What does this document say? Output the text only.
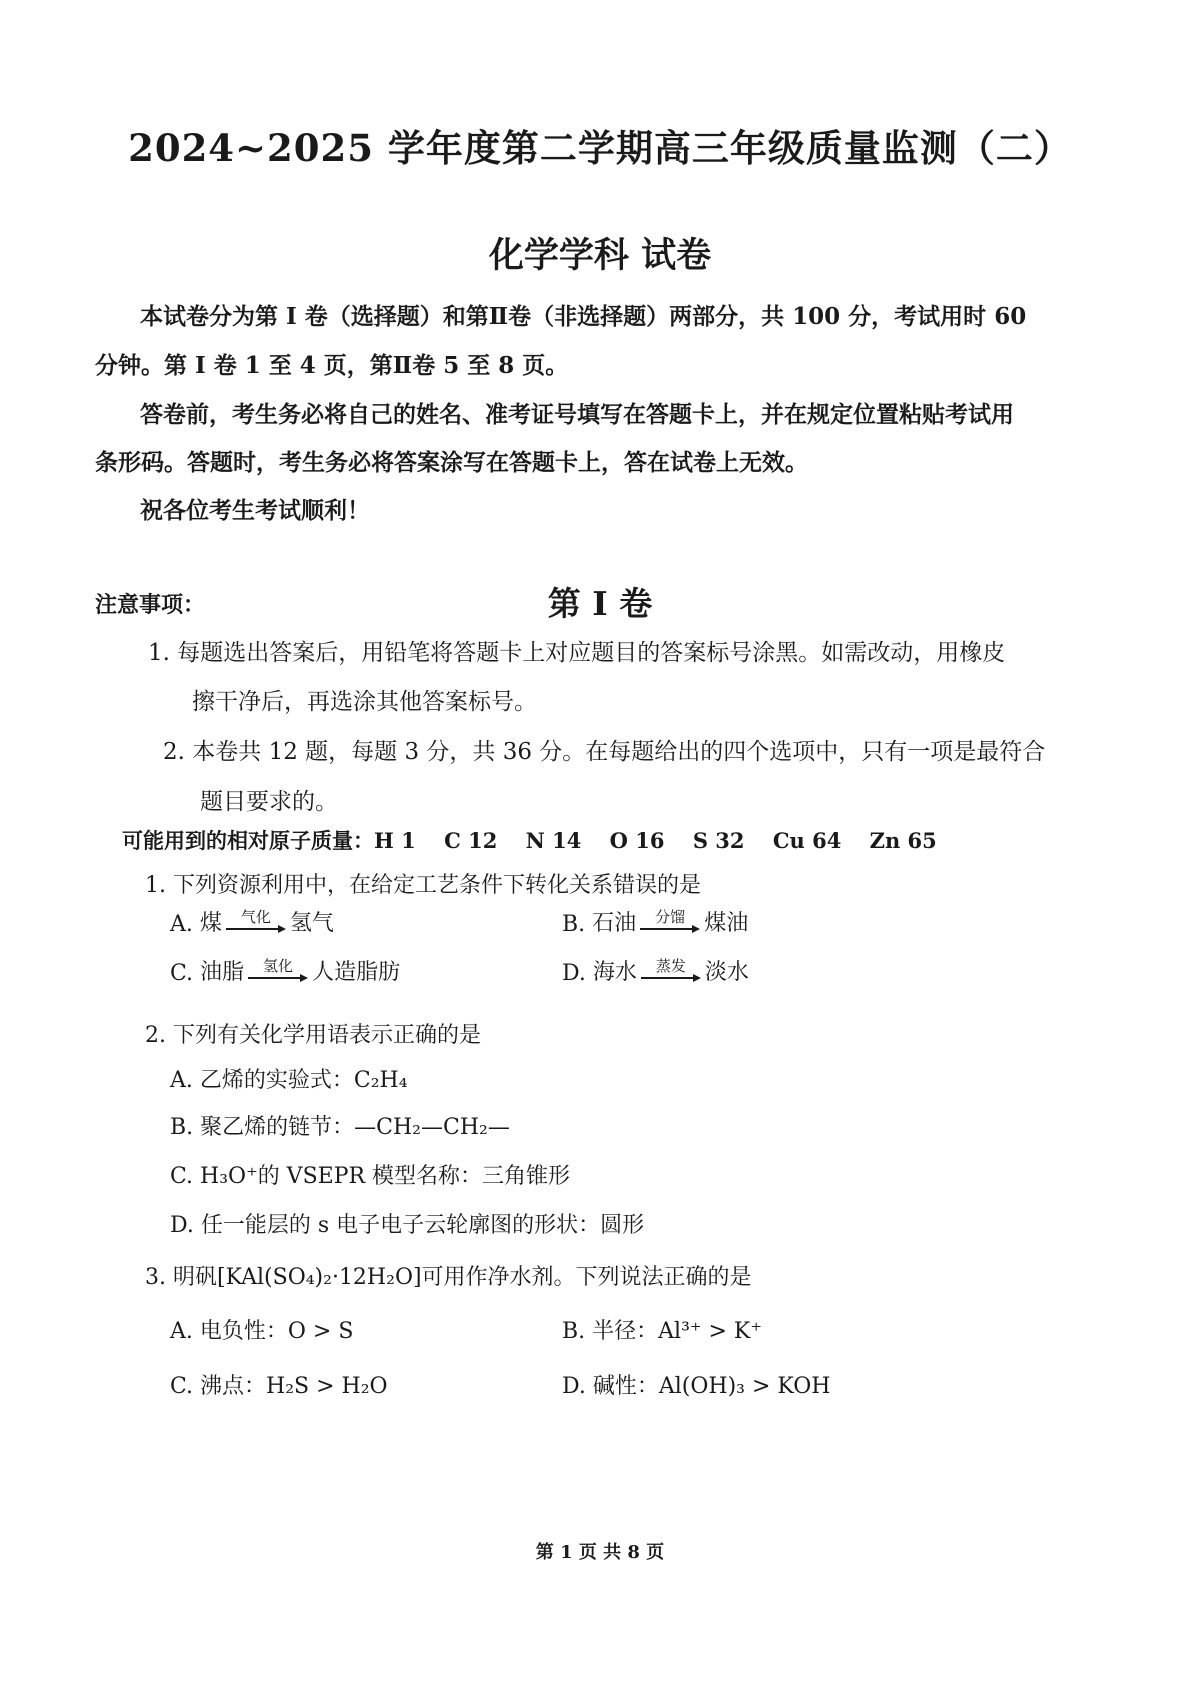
2024~2025 学年度第二学期高三年级质量监测（二）
化学学科 试卷
本试卷分为第 I 卷（选择题）和第Ⅱ卷（非选择题）两部分，共 100 分，考试用时 60
分钟。第 I 卷 1 至 4 页，第Ⅱ卷 5 至 8 页。
答卷前，考生务必将自己的姓名、准考证号填写在答题卡上，并在规定位置粘贴考试用
条形码。答题时，考生务必将答案涂写在答题卡上，答在试卷上无效。
祝各位考生考试顺利！
第 I 卷
注意事项：
1. 每题选出答案后，用铅笔将答题卡上对应题目的答案标号涂黑。如需改动，用橡皮
擦干净后，再选涂其他答案标号。
2. 本卷共 12 题，每题 3 分，共 36 分。在每题给出的四个选项中，只有一项是最符合
题目要求的。
可能用到的相对原子质量：H 1　 C 12　 N 14　 O 16　 S 32　 Cu 64　 Zn 65
1. 下列资源利用中，在给定工艺条件下转化关系错误的是
A.
煤 气化 氢气	B.
石油 分馏 煤油
C.
油脂 氢化 人造脂肪	D.
海水 蒸发 淡水
2. 下列有关化学用语表示正确的是
A. 乙烯的实验式：C₂H₄
B. 聚乙烯的链节：—CH₂—CH₂—
C. H₃O⁺的 VSEPR 模型名称：三角锥形
D. 任一能层的 s 电子电子云轮廓图的形状：圆形
3. 明矾[KAl(SO₄)₂·12H₂O]可用作净水剂。下列说法正确的是
A. 电负性：O > S	B. 半径：Al³⁺ > K⁺
C. 沸点：H₂S > H₂O	D. 碱性：Al(OH)₃ > KOH
第 1 页 共 8 页
